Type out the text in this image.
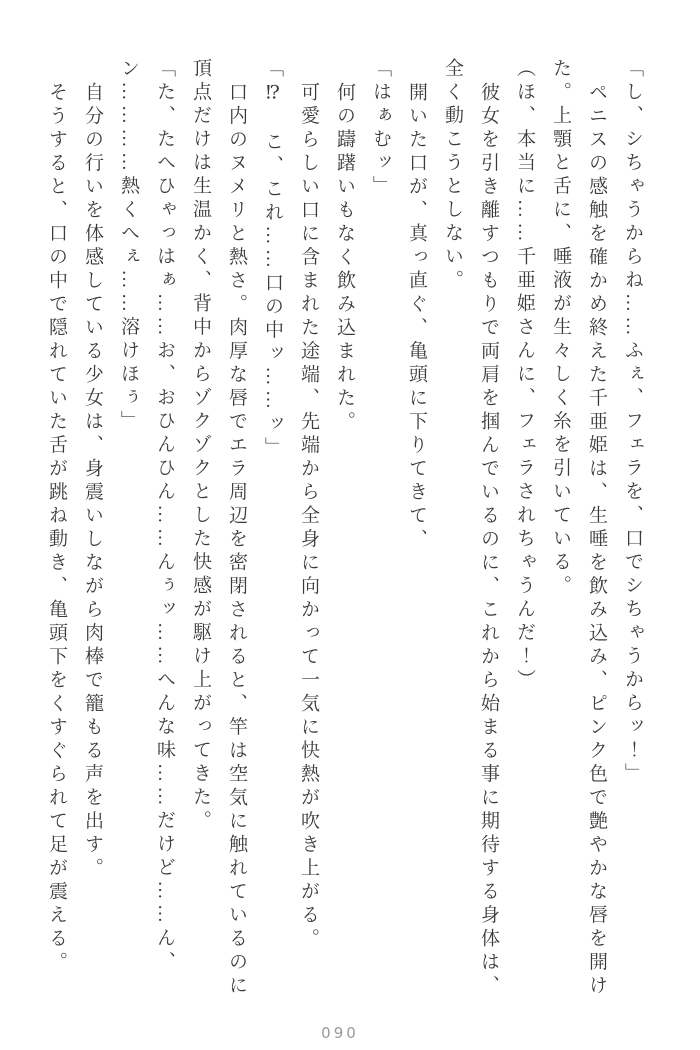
「し、シちゃうからね……ふぇ、フェラを、口でシちゃうからッ！」

ペニスの感触を確かめ終えた千亜姫は、生唾を飲み込み、ピンク色で艶やかな唇を開けた。上顎と舌に、唾液が生々しく糸を引いている。

（ほ、本当に……千亜姫さんに、フェラされちゃうんだ！）

彼女を引き離すつもりで両肩を掴んでいるのに、これから始まる事に期待する身体は、全く動こうとしない。

開いた口が、真っ直ぐ、亀頭に下りてきて、

「はぁむッ」

何の躊躇いもなく飲み込まれた。

可愛らしい口に含まれた途端、先端から全身に向かって一気に快熱が吹き上がる。

「⁉　こ、これ……口の中ッ……ッ」

口内のヌメリと熱さ。肉厚な唇でエラ周辺を密閉されると、竿は空気に触れているのに頂点だけは生温かく、背中からゾクゾクとした快感が駆け上がってきた。

「た、たへひゃっはぁ……お、おひんひん……んぅッ……へんな味……だけど……ん、ン…………熱くへぇ……溶けほぅ」

自分の行いを体感している少女は、身震いしながら肉棒で籠もる声を出す。

そうすると、口の中で隠れていた舌が跳ね動き、亀頭下をくすぐられて足が震える。

090
